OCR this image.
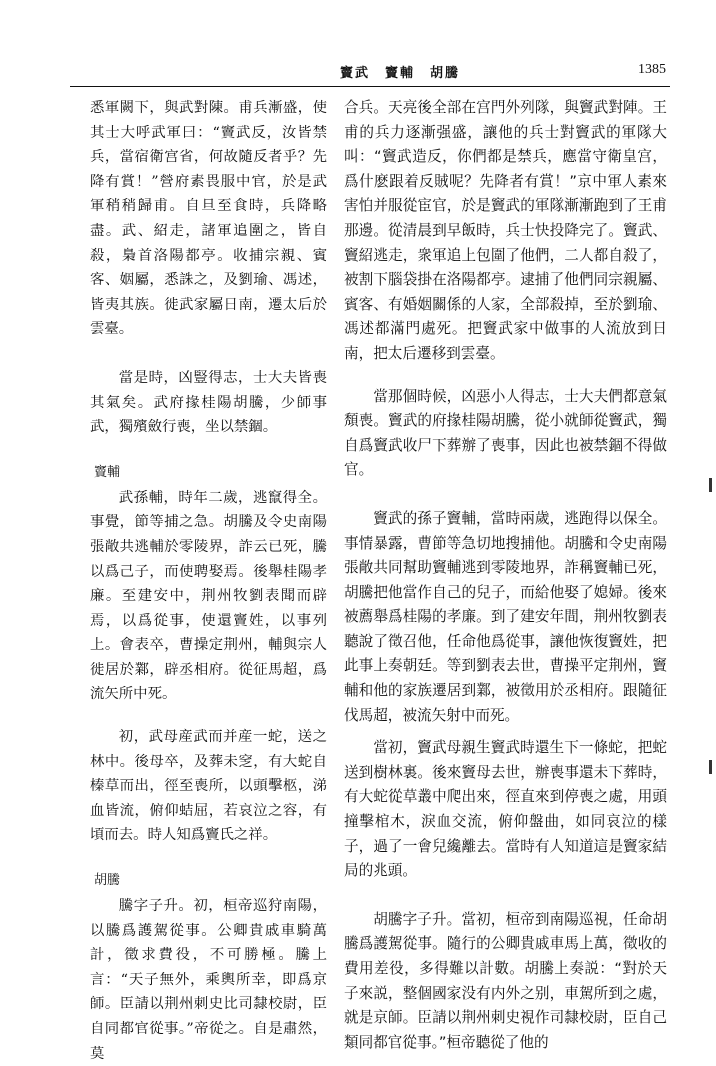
竇武　竇輔　胡騰	1385

悉軍闕下，與武對陳。甫兵漸盛，使其士大呼武軍曰：“竇武反，汝皆禁兵，當宿衛宫省，何故隨反者乎？先降有賞！”營府素畏服中官，於是武軍稍稍歸甫。自旦至食時，兵降略盡。武、紹走，諸軍追圍之，皆自殺，梟首洛陽都亭。收捕宗親、賓客、姻屬，悉誅之，及劉瑜、馮述，皆夷其族。徙武家屬日南，遷太后於雲臺。

當是時，凶豎得志，士大夫皆喪其氣矣。武府掾桂陽胡騰，少師事武，獨殯斂行喪，坐以禁錮。

竇輔

武孫輔，時年二歲，逃竄得全。事覺，節等捕之急。胡騰及令史南陽張敞共逃輔於零陵界，詐云已死，騰以爲己子，而使聘娶焉。後舉桂陽孝廉。至建安中，荆州牧劉表聞而辟焉，以爲從事，使還竇姓，以事列上。會表卒，曹操定荆州，輔與宗人徙居於鄴，辟丞相府。從征馬超，爲流矢所中死。

初，武母産武而并産一蛇，送之林中。後母卒，及葬未窆，有大蛇自榛草而出，徑至喪所，以頭擊柩，涕血皆流，俯仰蛣屈，若哀泣之容，有頃而去。時人知爲竇氏之祥。

胡騰

騰字子升。初，桓帝巡狩南陽，以騰爲護駕從事。公卿貴戚車騎萬計，徵求費役，不可勝極。騰上言：“天子無外，乘輿所幸，即爲京師。臣請以荆州刺史比司隸校尉，臣自同都官從事。”帝從之。自是肅然，莫

合兵。天亮後全部在宫門外列隊，與竇武對陣。王甫的兵力逐漸强盛，讓他的兵士對竇武的軍隊大叫：“竇武造反，你們都是禁兵，應當守衛皇宫，爲什麽跟着反賊呢？先降者有賞！”京中軍人素來害怕并服從宦官，於是竇武的軍隊漸漸跑到了王甫那邊。從清晨到早飯時，兵士快投降完了。竇武、竇紹逃走，衆軍追上包圍了他們，二人都自殺了，被割下腦袋掛在洛陽都亭。逮捕了他們同宗親屬、賓客、有婚姻關係的人家，全部殺掉，至於劉瑜、馮述都滿門處死。把竇武家中做事的人流放到日南，把太后遷移到雲臺。

當那個時候，凶惡小人得志，士大夫們都意氣頽喪。竇武的府掾桂陽胡騰，從小就師從竇武，獨自爲竇武收尸下葬辦了喪事，因此也被禁錮不得做官。

竇武的孫子竇輔，當時兩歲，逃跑得以保全。事情暴露，曹節等急切地搜捕他。胡騰和令史南陽張敞共同幫助竇輔逃到零陵地界，詐稱竇輔已死，胡騰把他當作自己的兒子，而給他娶了媳婦。後來被薦舉爲桂陽的孝廉。到了建安年間，荆州牧劉表聽說了徵召他，任命他爲從事，讓他恢復竇姓，把此事上奏朝廷。等到劉表去世，曹操平定荆州，竇輔和他的家族遷居到鄴，被徵用於丞相府。跟隨征伐馬超，被流矢射中而死。

當初，竇武母親生竇武時還生下一條蛇，把蛇送到樹林裏。後來竇母去世，辦喪事還未下葬時，有大蛇從草叢中爬出來，徑直來到停喪之處，用頭撞擊棺木，淚血交流，俯仰盤曲，如同哀泣的樣子，過了一會兒纔離去。當時有人知道這是竇家結局的兆頭。

胡騰字子升。當初，桓帝到南陽巡視，任命胡騰爲護駕從事。隨行的公卿貴戚車馬上萬，徵收的費用差役，多得難以計數。胡騰上奏説：“對於天子來説，整個國家没有内外之别，車駕所到之處，就是京師。臣請以荆州刺史視作司隸校尉，臣自己類同都官從事。”桓帝聽從了他的
